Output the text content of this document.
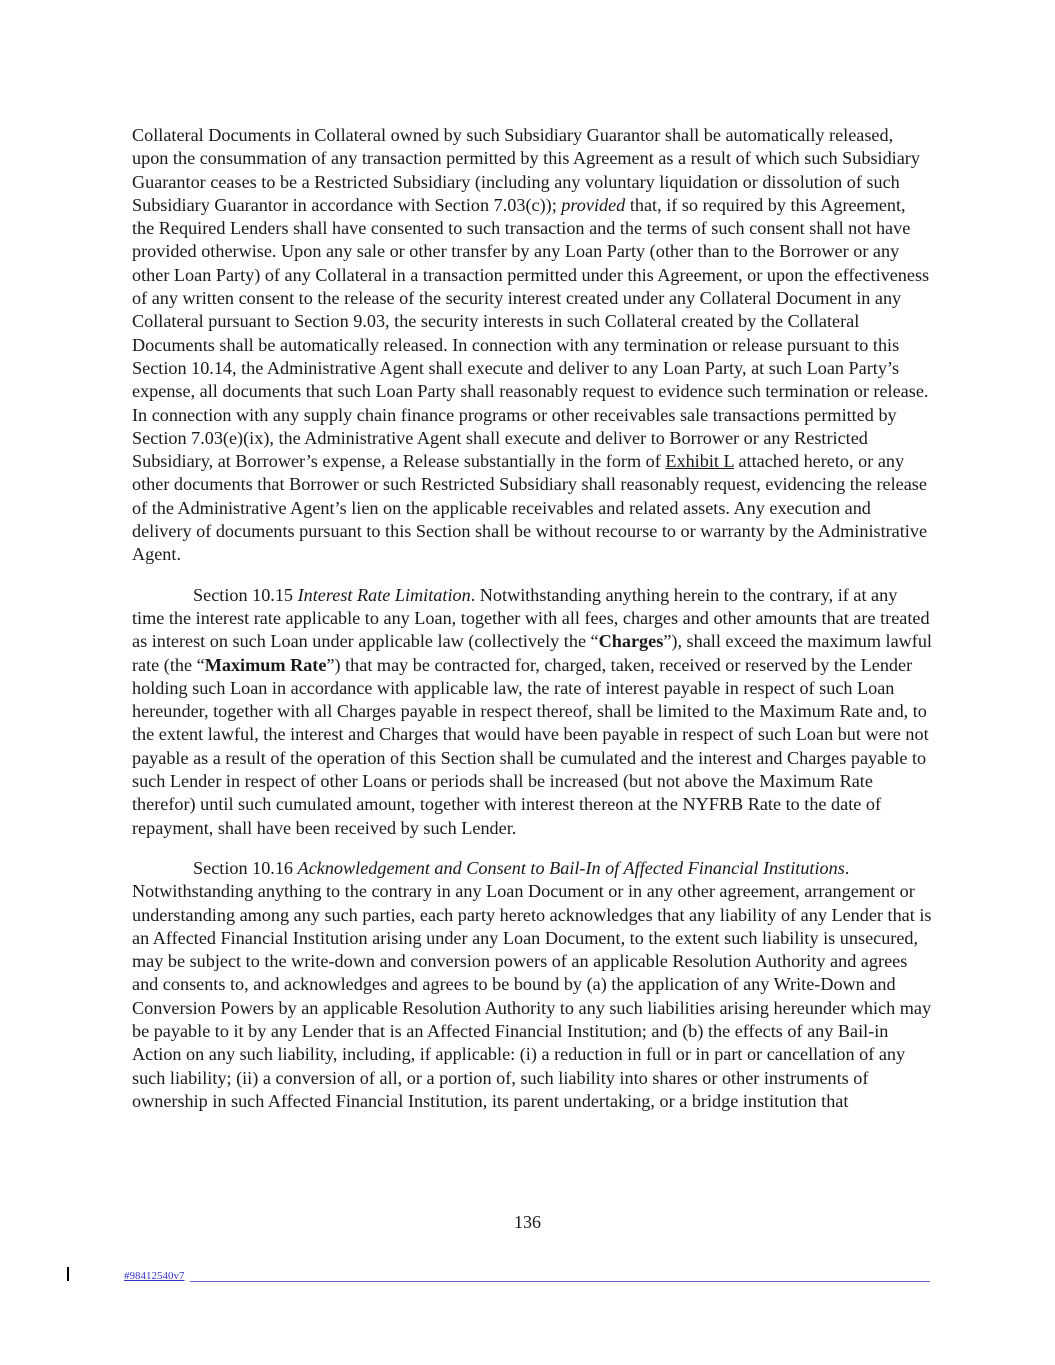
Collateral Documents in Collateral owned by such Subsidiary Guarantor shall be automatically released, upon the consummation of any transaction permitted by this Agreement as a result of which such Subsidiary Guarantor ceases to be a Restricted Subsidiary (including any voluntary liquidation or dissolution of such Subsidiary Guarantor in accordance with Section 7.03(c)); provided that, if so required by this Agreement, the Required Lenders shall have consented to such transaction and the terms of such consent shall not have provided otherwise. Upon any sale or other transfer by any Loan Party (other than to the Borrower or any other Loan Party) of any Collateral in a transaction permitted under this Agreement, or upon the effectiveness of any written consent to the release of the security interest created under any Collateral Document in any Collateral pursuant to Section 9.03, the security interests in such Collateral created by the Collateral Documents shall be automatically released. In connection with any termination or release pursuant to this Section 10.14, the Administrative Agent shall execute and deliver to any Loan Party, at such Loan Party’s expense, all documents that such Loan Party shall reasonably request to evidence such termination or release. In connection with any supply chain finance programs or other receivables sale transactions permitted by Section 7.03(e)(ix), the Administrative Agent shall execute and deliver to Borrower or any Restricted Subsidiary, at Borrower’s expense, a Release substantially in the form of Exhibit L attached hereto, or any other documents that Borrower or such Restricted Subsidiary shall reasonably request, evidencing the release of the Administrative Agent’s lien on the applicable receivables and related assets. Any execution and delivery of documents pursuant to this Section shall be without recourse to or warranty by the Administrative Agent.

Section 10.15 Interest Rate Limitation. Notwithstanding anything herein to the contrary, if at any time the interest rate applicable to any Loan, together with all fees, charges and other amounts that are treated as interest on such Loan under applicable law (collectively the “Charges”), shall exceed the maximum lawful rate (the “Maximum Rate”) that may be contracted for, charged, taken, received or reserved by the Lender holding such Loan in accordance with applicable law, the rate of interest payable in respect of such Loan hereunder, together with all Charges payable in respect thereof, shall be limited to the Maximum Rate and, to the extent lawful, the interest and Charges that would have been payable in respect of such Loan but were not payable as a result of the operation of this Section shall be cumulated and the interest and Charges payable to such Lender in respect of other Loans or periods shall be increased (but not above the Maximum Rate therefor) until such cumulated amount, together with interest thereon at the NYFRB Rate to the date of repayment, shall have been received by such Lender.

Section 10.16 Acknowledgement and Consent to Bail-In of Affected Financial Institutions. Notwithstanding anything to the contrary in any Loan Document or in any other agreement, arrangement or understanding among any such parties, each party hereto acknowledges that any liability of any Lender that is an Affected Financial Institution arising under any Loan Document, to the extent such liability is unsecured, may be subject to the write-down and conversion powers of an applicable Resolution Authority and agrees and consents to, and acknowledges and agrees to be bound by (a) the application of any Write-Down and Conversion Powers by an applicable Resolution Authority to any such liabilities arising hereunder which may be payable to it by any Lender that is an Affected Financial Institution; and (b) the effects of any Bail-in Action on any such liability, including, if applicable: (i) a reduction in full or in part or cancellation of any such liability; (ii) a conversion of all, or a portion of, such liability into shares or other instruments of ownership in such Affected Financial Institution, its parent undertaking, or a bridge institution that

136
#98412540v7
